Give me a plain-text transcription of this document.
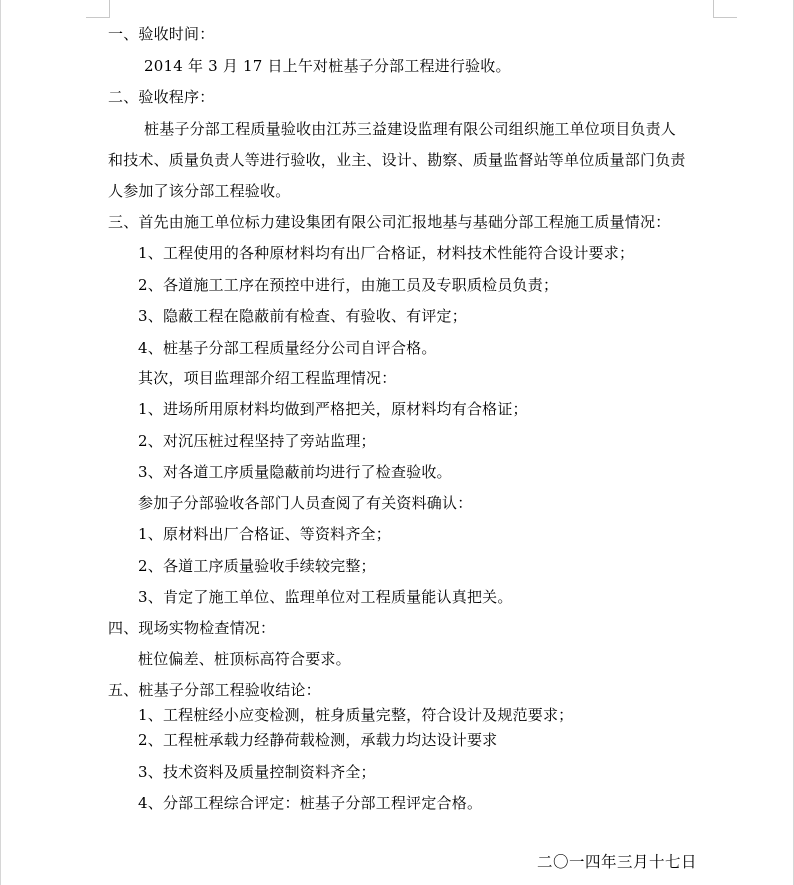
一、验收时间：
2014 年 3 月 17 日上午对桩基子分部工程进行验收。
二、验收程序：
桩基子分部工程质量验收由江苏三益建设监理有限公司组织施工单位项目负责人
和技术、质量负责人等进行验收，业主、设计、勘察、质量监督站等单位质量部门负责
人参加了该分部工程验收。
三、首先由施工单位标力建设集团有限公司汇报地基与基础分部工程施工质量情况：
1、工程使用的各种原材料均有出厂合格证，材料技术性能符合设计要求；
2、各道施工工序在预控中进行，由施工员及专职质检员负责；
3、隐蔽工程在隐蔽前有检查、有验收、有评定；
4、桩基子分部工程质量经分公司自评合格。
其次，项目监理部介绍工程监理情况：
1、进场所用原材料均做到严格把关，原材料均有合格证；
2、对沉压桩过程坚持了旁站监理；
3、对各道工序质量隐蔽前均进行了检查验收。
参加子分部验收各部门人员查阅了有关资料确认：
1、原材料出厂合格证、等资料齐全；
2、各道工序质量验收手续较完整；
3、肯定了施工单位、监理单位对工程质量能认真把关。
四、现场实物检查情况：
桩位偏差、桩顶标高符合要求。
五、桩基子分部工程验收结论：
1、工程桩经小应变检测，桩身质量完整，符合设计及规范要求；
2、工程桩承载力经静荷载检测，承载力均达设计要求
3、技术资料及质量控制资料齐全；
4、分部工程综合评定：桩基子分部工程评定合格。
二〇一四年三月十七日
